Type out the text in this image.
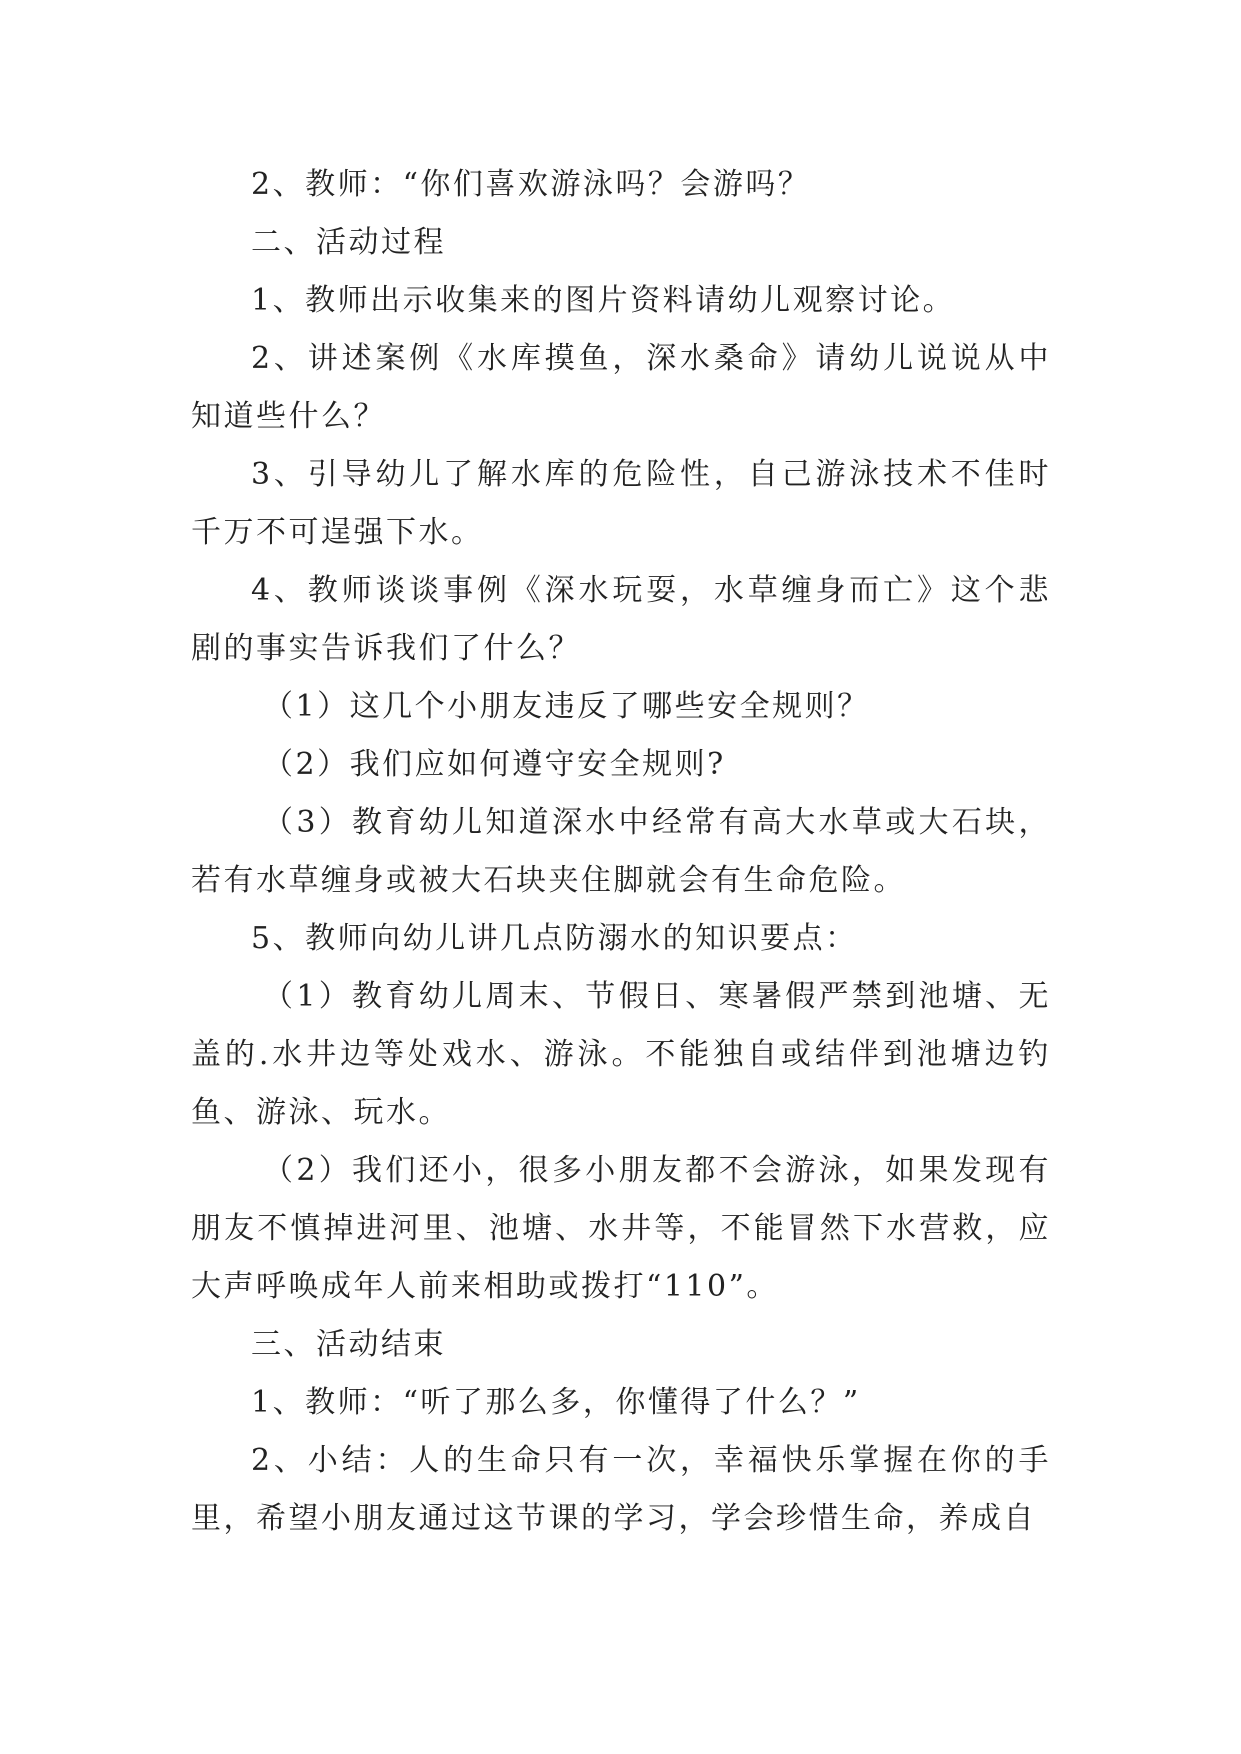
2、教师：“你们喜欢游泳吗？会游吗？

二、活动过程

1、教师出示收集来的图片资料请幼儿观察讨论。

2、讲述案例《水库摸鱼，深水桑命》请幼儿说说从中知道些什么？

3、引导幼儿了解水库的危险性，自己游泳技术不佳时千万不可逞强下水。

4、教师谈谈事例《深水玩耍，水草缠身而亡》这个悲剧的事实告诉我们了什么？

（1）这几个小朋友违反了哪些安全规则？

（2）我们应如何遵守安全规则?

（3）教育幼儿知道深水中经常有高大水草或大石块，若有水草缠身或被大石块夹住脚就会有生命危险。

5、教师向幼儿讲几点防溺水的知识要点：

（1）教育幼儿周末、节假日、寒暑假严禁到池塘、无盖的.水井边等处戏水、游泳。不能独自或结伴到池塘边钓鱼、游泳、玩水。

（2）我们还小，很多小朋友都不会游泳，如果发现有朋友不慎掉进河里、池塘、水井等，不能冒然下水营救，应大声呼唤成年人前来相助或拨打“110”。

三、活动结束

1、教师：“听了那么多，你懂得了什么？”

2、小结：人的生命只有一次，幸福快乐掌握在你的手里，希望小朋友通过这节课的学习，学会珍惜生命，养成自
